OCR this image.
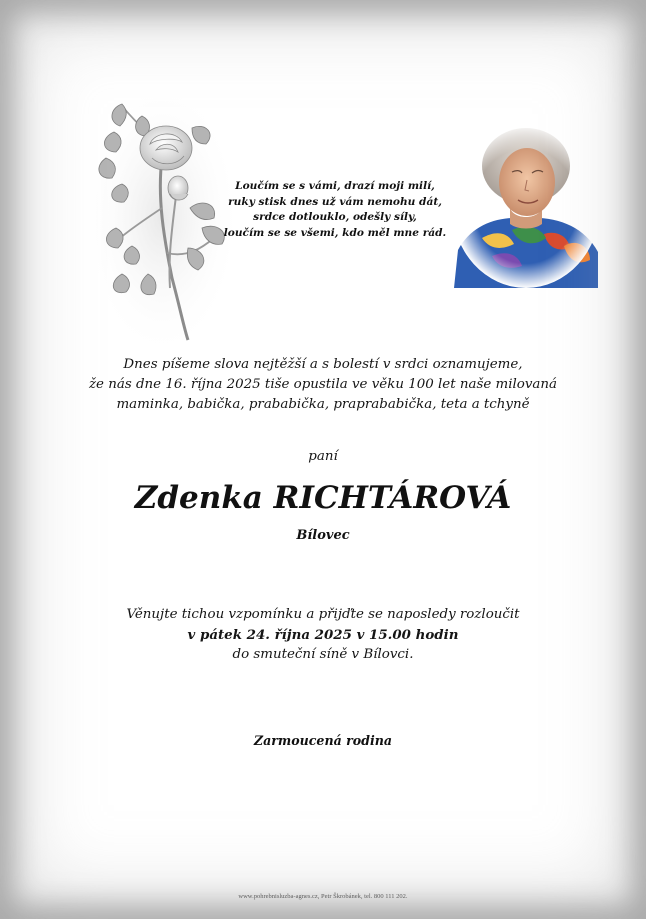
Loučím se s vámi, drazí moji milí,
ruky stisk dnes už vám nemohu dát,
srdce dotlouklo, odešly síly,
loučím se se všemi, kdo měl mne rád.
Dnes píšeme slova nejtěžší a s bolestí v srdci oznamujeme,
že nás dne 16. října 2025 tiše opustila ve věku 100 let naše milovaná
maminka, babička, prababička, praprababička, teta a tchyně
paní
Zdenka RICHTÁROVÁ
Bílovec
Věnujte tichou vzpomínku a přijďte se naposledy rozloučit
v pátek 24. října 2025 v 15.00 hodin
do smuteční síně v Bílovci.
Zarmoucená rodina
www.pohrebnisluzba-agnes.cz, Petr Škrobánek, tel. 800 111 202.
